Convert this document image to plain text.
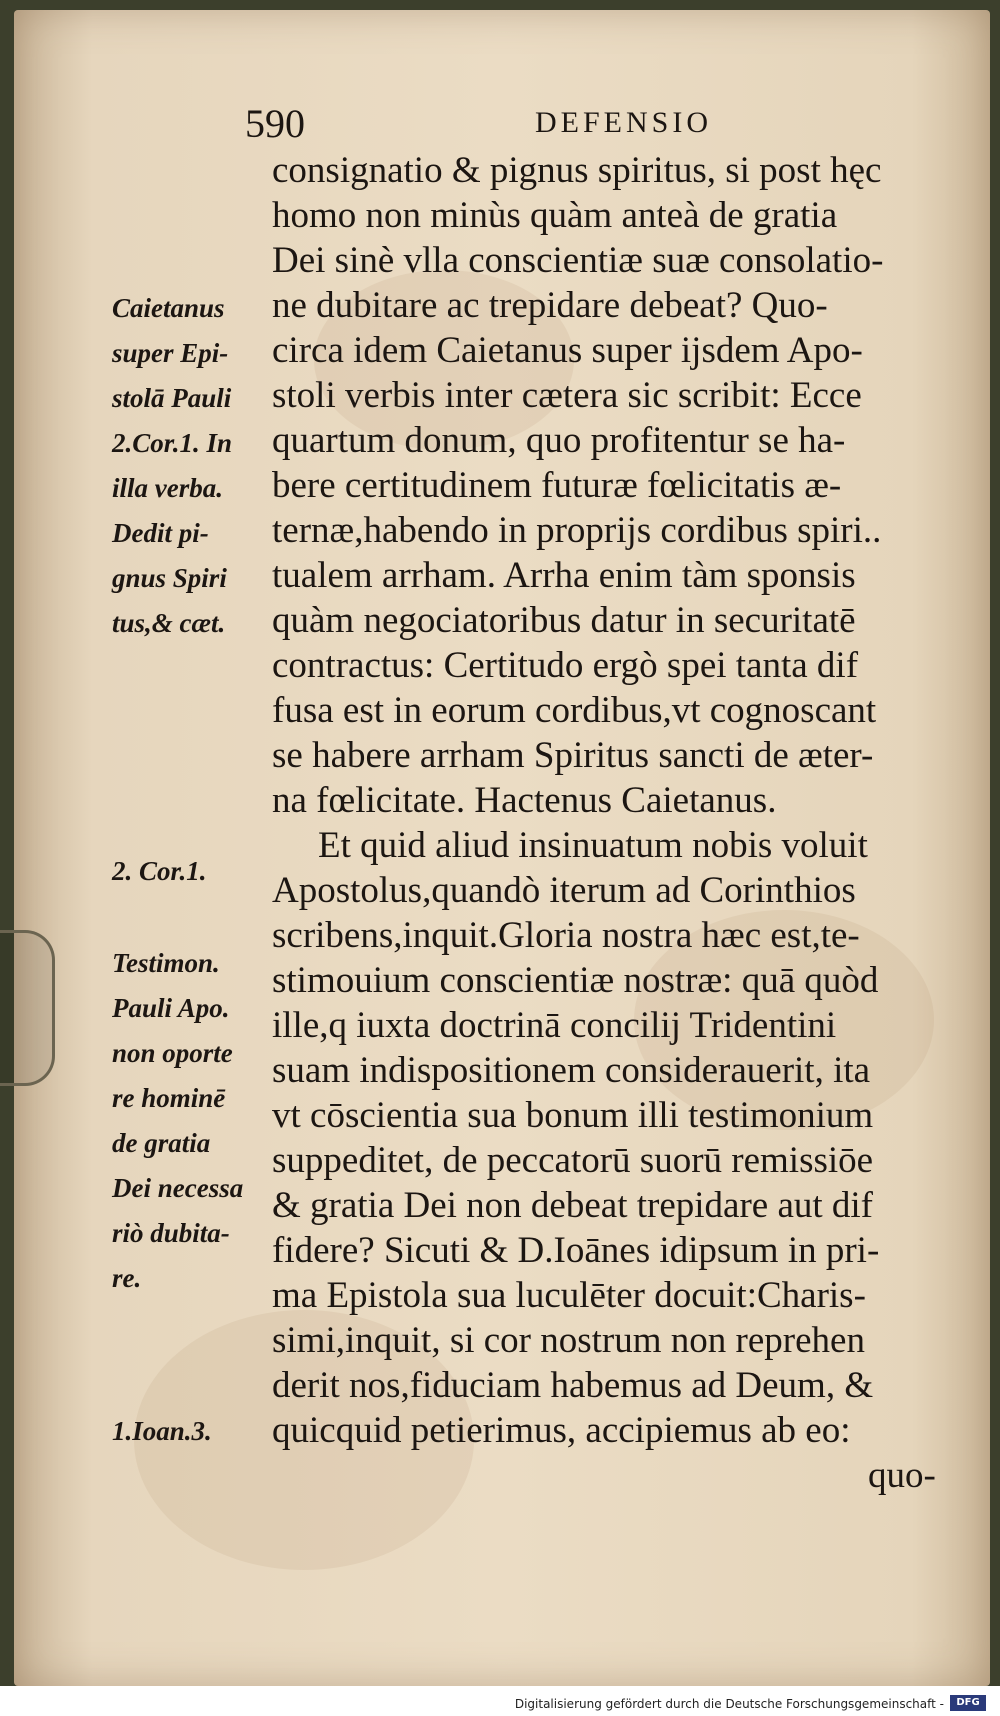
590	DEFENSIO
consignatio & pignus spiritus, si post hęc
homo non minùs quàm anteà de gratia
Dei sinè vlla conscientiæ suæ consolatio-
ne dubitare ac trepidare debeat? Quo-
circa idem Caietanus super ijsdem Apo-
stoli verbis inter cætera sic scribit: Ecce
quartum donum, quo profitentur se ha-
bere certitudinem futuræ fœlicitatis æ-
ternæ,habendo in proprijs cordibus spiri..
tualem arrham. Arrha enim tàm sponsis
quàm negociatoribus datur in securitatē
contractus: Certitudo ergò spei tanta dif
fusa est in eorum cordibus,vt cognoscant
se habere arrham Spiritus sancti de æter-
na fœlicitate. Hactenus Caietanus.
Et quid aliud insinuatum nobis voluit
Apostolus,quandò iterum ad Corinthios
scribens,inquit.Gloria nostra hæc est,te-
stimouium conscientiæ nostræ: quā quòd
ille,q iuxta doctrinā concilij Tridentini
suam indispositionem considerauerit, ita
vt cōscientia sua bonum illi testimonium
suppeditet, de peccatorū suorū remissiōe
& gratia Dei non debeat trepidare aut dif
fidere? Sicuti & D.Ioānes idipsum in pri-
ma Epistola sua luculēter docuit:Charis-
simi,inquit, si cor nostrum non reprehen
derit nos,fiduciam habemus ad Deum, &
quicquid petierimus, accipiemus ab eo:
quo-
Caietanus
super Epi-
stolā Pauli
2.Cor.1. In
illa verba.
Dedit pi-
gnus Spiri
tus,& cæt.
2. Cor.1.
Testimon.
Pauli Apo.
non oporte
re hominē
de gratia
Dei necessa
riò dubita-
re.
1.Ioan.3.
Digitalisierung gefördert durch die Deutsche Forschungsgemeinschaft -	DFG
